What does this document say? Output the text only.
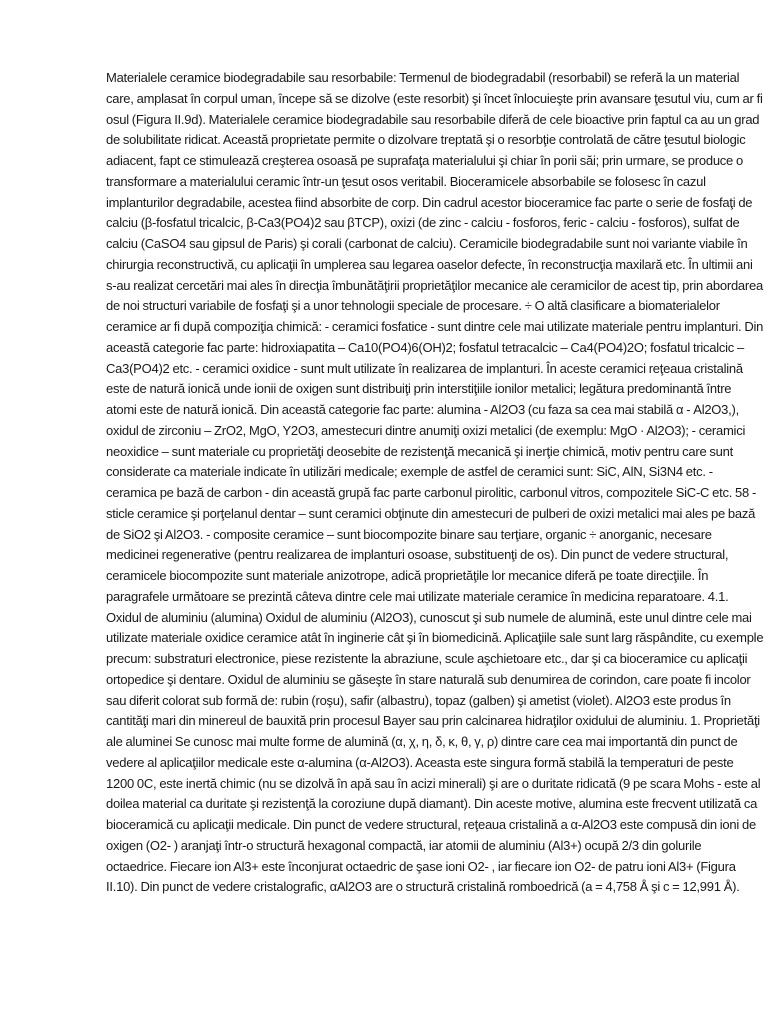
Materialele ceramice biodegradabile sau resorbabile: Termenul de biodegradabil (resorbabil) se referă la un material care, amplasat în corpul uman, începe să se dizolve (este resorbit) şi încet înlocuieşte prin avansare ţesutul viu, cum ar fi osul (Figura II.9d). Materialele ceramice biodegradabile sau resorbabile diferă de cele bioactive prin faptul ca au un grad de solubilitate ridicat. Această proprietate permite o dizolvare treptată şi o resorbţie controlată de către ţesutul biologic adiacent, fapt ce stimulează creşterea osoasă pe suprafaţa materialului şi chiar în porii săi; prin urmare, se produce o transformare a materialului ceramic într-un ţesut osos veritabil. Bioceramicele absorbabile se folosesc în cazul implanturilor degradabile, acestea fiind absorbite de corp. Din cadrul acestor bioceramice fac parte o serie de fosfaţi de calciu (β-fosfatul tricalcic, β-Ca3(PO4)2 sau βTCP), oxizi (de zinc - calciu - fosforos, feric - calciu - fosforos), sulfat de calciu (CaSO4 sau gipsul de Paris) şi corali (carbonat de calciu). Ceramicile biodegradabile sunt noi variante viabile în chirurgia reconstructivă, cu aplicaţii în umplerea sau legarea oaselor defecte, în reconstrucţia maxilară etc. În ultimii ani s-au realizat cercetări mai ales în direcţia îmbunătăţirii proprietăţilor mecanice ale ceramicilor de acest tip, prin abordarea de noi structuri variabile de fosfaţi şi a unor tehnologii speciale de procesare. ÷ O altă clasificare a biomaterialelor ceramice ar fi după compoziţia chimică: - ceramici fosfatice - sunt dintre cele mai utilizate materiale pentru implanturi. Din această categorie fac parte: hidroxiapatita – Ca10(PO4)6(OH)2; fosfatul tetracalcic – Ca4(PO4)2O; fosfatul tricalcic – Ca3(PO4)2 etc. - ceramici oxidice - sunt mult utilizate în realizarea de implanturi. În aceste ceramici reţeaua cristalină este de natură ionică unde ionii de oxigen sunt distribuiţi prin interstiţiile ionilor metalici; legătura predominantă între atomi este de natură ionică. Din această categorie fac parte: alumina - Al2O3 (cu faza sa cea mai stabilă α - Al2O3,), oxidul de zirconiu – ZrO2, MgO, Y2O3, amestecuri dintre anumiţi oxizi metalici (de exemplu: MgO · Al2O3); - ceramici neoxidice – sunt materiale cu proprietăţi deosebite de rezistenţă mecanică şi inerţie chimică, motiv pentru care sunt considerate ca materiale indicate în utilizări medicale; exemple de astfel de ceramici sunt: SiC, AlN, Si3N4 etc. - ceramica pe bază de carbon - din această grupă fac parte carbonul pirolitic, carbonul vitros, compozitele SiC-C etc. 58 - sticle ceramice şi porţelanul dentar – sunt ceramici obţinute din amestecuri de pulberi de oxizi metalici mai ales pe bază de SiO2 şi Al2O3. - composite ceramice – sunt biocompozite binare sau terţiare, organic ÷ anorganic, necesare medicinei regenerative (pentru realizarea de implanturi osoase, substituenţi de os). Din punct de vedere structural, ceramicele biocompozite sunt materiale anizotrope, adică proprietăţile lor mecanice diferă pe toate direcţiile. În paragrafele următoare se prezintă câteva dintre cele mai utilizate materiale ceramice în medicina reparatoare. 4.1. Oxidul de aluminiu (alumina) Oxidul de aluminiu (Al2O3), cunoscut şi sub numele de alumină, este unul dintre cele mai utilizate materiale oxidice ceramice atât în inginerie cât şi în biomedicină. Aplicaţiile sale sunt larg răspândite, cu exemple precum: substraturi electronice, piese rezistente la abraziune, scule aşchietoare etc., dar şi ca bioceramice cu aplicaţii ortopedice şi dentare. Oxidul de aluminiu se găseşte în stare naturală sub denumirea de corindon, care poate fi incolor sau diferit colorat sub formă de: rubin (roşu), safir (albastru), topaz (galben) şi ametist (violet). Al2O3 este produs în cantităţi mari din minereul de bauxită prin procesul Bayer sau prin calcinarea hidraţilor oxidului de aluminiu. 1. Proprietăţi ale aluminei Se cunosc mai multe forme de alumină (α, χ, η, δ, κ, θ, γ, ρ) dintre care cea mai importantă din punct de vedere al aplicaţiilor medicale este α-alumina (α-Al2O3). Aceasta este singura formă stabilă la temperaturi de peste 1200 0C, este inertă chimic (nu se dizolvă în apă sau în acizi minerali) şi are o duritate ridicată (9 pe scara Mohs - este al doilea material ca duritate şi rezistenţă la coroziune după diamant). Din aceste motive, alumina este frecvent utilizată ca bioceramică cu aplicaţii medicale. Din punct de vedere structural, reţeaua cristalină a α-Al2O3 este compusă din ioni de oxigen (O2- ) aranjaţi într-o structură hexagonal compactă, iar atomii de aluminiu (Al3+) ocupă 2/3 din golurile octaedrice. Fiecare ion Al3+ este înconjurat octaedric de şase ioni O2- , iar fiecare ion O2- de patru ioni Al3+ (Figura II.10). Din punct de vedere cristalografic, αAl2O3 are o structură cristalină romboedrică (a = 4,758 Å şi c = 12,991 Å).
